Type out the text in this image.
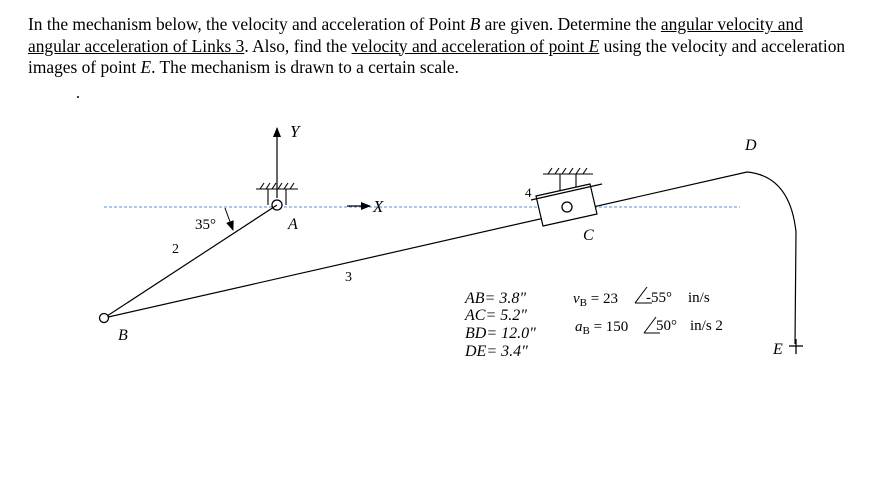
In the mechanism below, the velocity and acceleration of Point B are given. Determine the angular velocity and angular acceleration of Links 3. Also, find the velocity and acceleration of point E using the velocity and acceleration images of point E. The mechanism is drawn to a certain scale.

Y
X
35°	A
B
C
D
E
2
3
4
AB= 3.8"
AC= 5.2"
BD= 12.0"
DE= 3.4"
$v_B = 23$ -55° in/s
$a_B = 150$ 50° in/s 2
